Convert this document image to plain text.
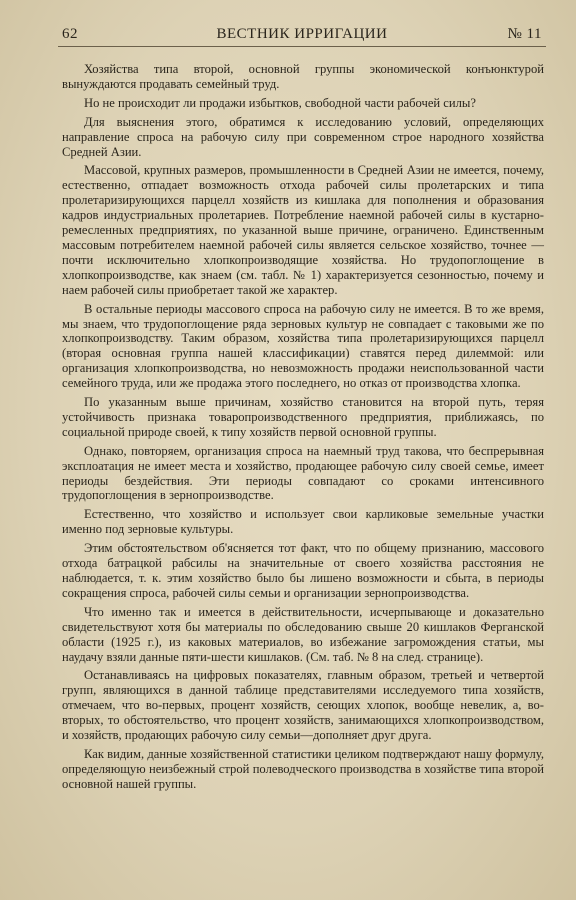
62	ВЕСТНИК ИРРИГАЦИИ	№ 11

Хозяйства типа второй, основной группы экономической конъюнктурой вынуждаются продавать семейный труд.

Но не происходит ли продажи избытков, свободной части рабочей силы?

Для выяснения этого, обратимся к исследованию условий, определяющих направление спроса на рабочую силу при современном строе народного хозяйства Средней Азии.

Массовой, крупных размеров, промышленности в Средней Азии не имеется, почему, естественно, отпадает возможность отхода рабочей силы пролетарских и типа пролетаризирующихся парцелл хозяйств из кишлака для пополнения и образования кадров индустриальных пролетариев. Потребление наемной рабочей силы в кустарно-ремесленных предприятиях, по указанной выше причине, ограничено. Единственным массовым потребителем наемной рабочей силы является сельское хозяйство, точнее —почти исключительно хлопкопроизводящие хозяйства. Но трудопоглощение в хлопкопроизводстве, как знаем (см. табл. № 1) характеризуется сезонностью, почему и наем рабочей силы приобретает такой же характер.

В остальные периоды массового спроса на рабочую силу не имеется. В то же время, мы знаем, что трудопоглощение ряда зерновых культур не совпадает с таковыми же по хлопкопроизводству. Таким образом, хозяйства типа пролетаризирующихся парцелл (вторая основная группа нашей классификации) ставятся перед дилеммой: или организация хлопкопроизводства, но невозможность продажи неиспользованной части семейного труда, или же продажа этого последнего, но отказ от производства хлопка.

По указанным выше причинам, хозяйство становится на второй путь, теряя устойчивость признака товаропроизводственного предприятия, приближаясь, по социальной природе своей, к типу хозяйств первой основной группы.

Однако, повторяем, организация спроса на наемный труд такова, что беспрерывная эксплоатация не имеет места и хозяйство, продающее рабочую силу своей семье, имеет периоды бездействия. Эти периоды совпадают со сроками интенсивного трудопоглощения в зернопроизводстве.

Естественно, что хозяйство и использует свои карликовые земельные участки именно под зерновые культуры.

Этим обстоятельством об'ясняется тот факт, что по общему признанию, массового отхода батрацкой рабсилы на значительные от своего хозяйства расстояния не наблюдается, т. к. этим хозяйство было бы лишено возможности и сбыта, в периоды сокращения спроса, рабочей силы семьи и организации зернопроизводства.

Что именно так и имеется в действительности, исчерпывающе и доказательно свидетельствуют хотя бы материалы по обследованию свыше 20 кишлаков Ферганской области (1925 г.), из каковых материалов, во избежание загромождения статьи, мы наудачу взяли данные пяти-шести кишлаков. (См. таб. № 8 на след. странице).

Останавливаясь на цифровых показателях, главным образом, третьей и четвертой групп, являющихся в данной таблице представителями исследуемого типа хозяйств, отмечаем, что во-первых, процент хозяйств, сеющих хлопок, вообще невелик, а, во-вторых, то обстоятельство, что процент хозяйств, занимающихся хлопкопроизводством, и хозяйств, продающих рабочую силу семьи—дополняет друг друга.

Как видим, данные хозяйственной статистики целиком подтверждают нашу формулу, определяющую неизбежный строй полеводческого производства в хозяйстве типа второй основной нашей группы.
